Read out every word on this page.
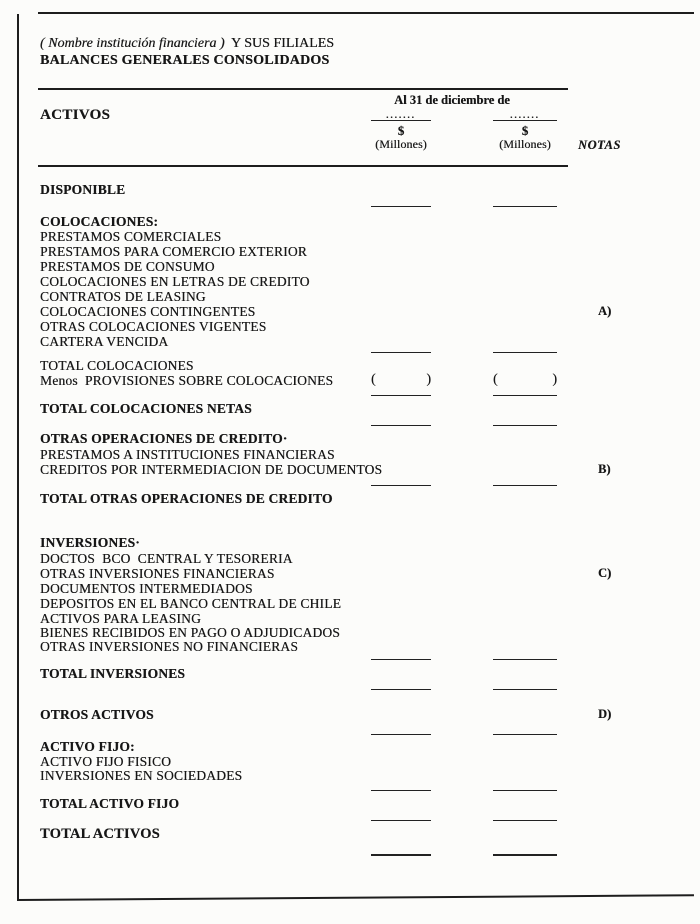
( Nombre institución financiera )  Y SUS FILIALES
BALANCES GENERALES CONSOLIDADOS
ACTIVOS
Al 31 de diciembre de
.......	.......
$	$
(Millones)	(Millones)	NOTAS
DISPONIBLE
COLOCACIONES:
PRESTAMOS COMERCIALES
PRESTAMOS PARA COMERCIO EXTERIOR
PRESTAMOS DE CONSUMO
COLOCACIONES EN LETRAS DE CREDITO
CONTRATOS DE LEASING
COLOCACIONES CONTINGENTES	A)
OTRAS COLOCACIONES VIGENTES
CARTERA VENCIDA
TOTAL COLOCACIONES
Menos  PROVISIONES SOBRE COLOCACIONES	(	)	(	)
TOTAL COLOCACIONES NETAS
OTRAS OPERACIONES DE CREDITO·
PRESTAMOS A INSTITUCIONES FINANCIERAS
CREDITOS POR INTERMEDIACION DE DOCUMENTOS	B)
TOTAL OTRAS OPERACIONES DE CREDITO
INVERSIONES·
DOCTOS  BCO  CENTRAL Y TESORERIA
OTRAS INVERSIONES FINANCIERAS	C)
DOCUMENTOS INTERMEDIADOS
DEPOSITOS EN EL BANCO CENTRAL DE CHILE
ACTIVOS PARA LEASING
BIENES RECIBIDOS EN PAGO O ADJUDICADOS
OTRAS INVERSIONES NO FINANCIERAS
TOTAL INVERSIONES
OTROS ACTIVOS	D)
ACTIVO FIJO:
ACTIVO FIJO FISICO
INVERSIONES EN SOCIEDADES
TOTAL ACTIVO FIJO
TOTAL ACTIVOS
